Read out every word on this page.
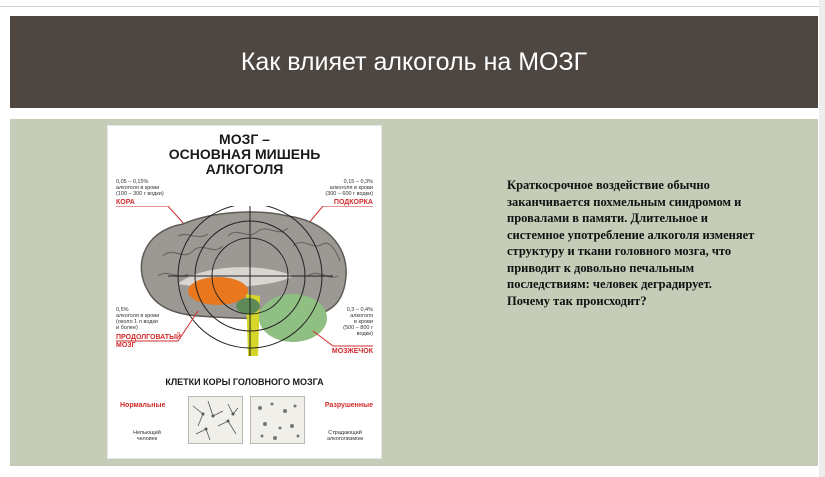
Как влияет алкоголь на МОЗГ
МОЗГ –
ОСНОВНАЯ МИШЕНЬ
АЛКОГОЛЯ
0,05 – 0,15%
алкоголя в крови
(100 – 300 г водки)
КОРА
0,15 – 0,3%
алкоголя в крови
(300 – 600 г водки)
ПОДКОРКА
0,5%
алкоголя в крови
(около 1 л водки
и более)
ПРОДОЛГОВАТЫЙ
МОЗГ
0,3 – 0,4%
алкоголя
в крови
(500 – 800 г
водки)
МОЗЖЕЧОК
КЛЕТКИ КОРЫ ГОЛОВНОГО МОЗГА
Нормальные	Разрушенные
Непьющий
человек
Страдающий
алкоголизмом
Краткосрочное воздействие обычно заканчивается похмельным синдромом и провалами в памяти. Длительное и системное употребление алкоголя изменяет структуру и ткани головного мозга, что приводит к довольно печальным последствиям: человек деградирует. Почему так происходит?
